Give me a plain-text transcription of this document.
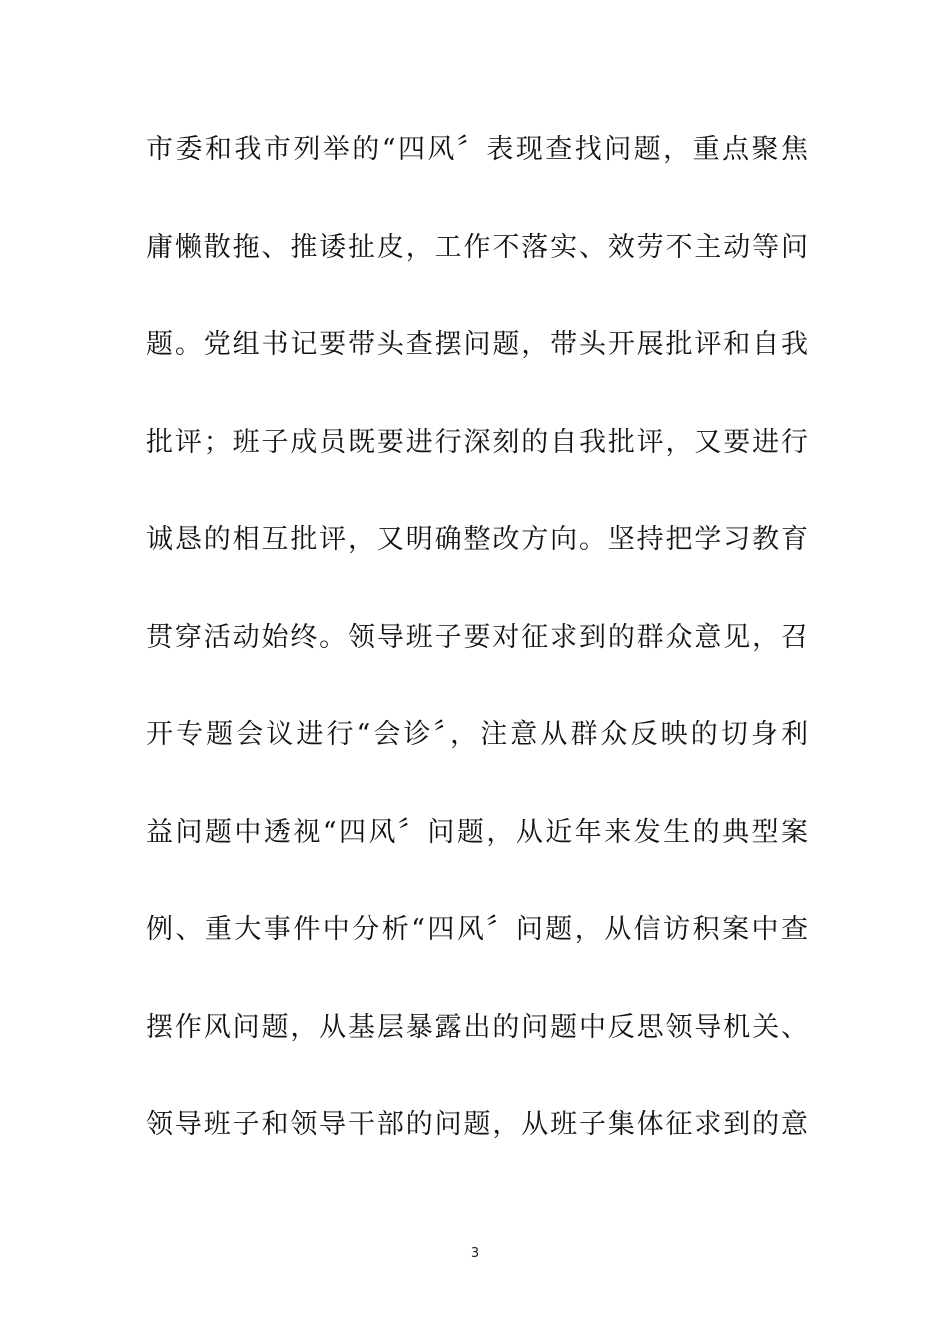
市委和我市列举的“四风〞表现查找问题，重点聚焦
庸懒散拖、推诿扯皮，工作不落实、效劳不主动等问
题。党组书记要带头查摆问题，带头开展批评和自我
批评；班子成员既要进行深刻的自我批评，又要进行
诚恳的相互批评，又明确整改方向。坚持把学习教育
贯穿活动始终。领导班子要对征求到的群众意见，召
开专题会议进行“会诊〞，注意从群众反映的切身利
益问题中透视“四风〞问题，从近年来发生的典型案
例、重大事件中分析“四风〞问题，从信访积案中查
摆作风问题，从基层暴露出的问题中反思领导机关、
领导班子和领导干部的问题，从班子集体征求到的意
3
